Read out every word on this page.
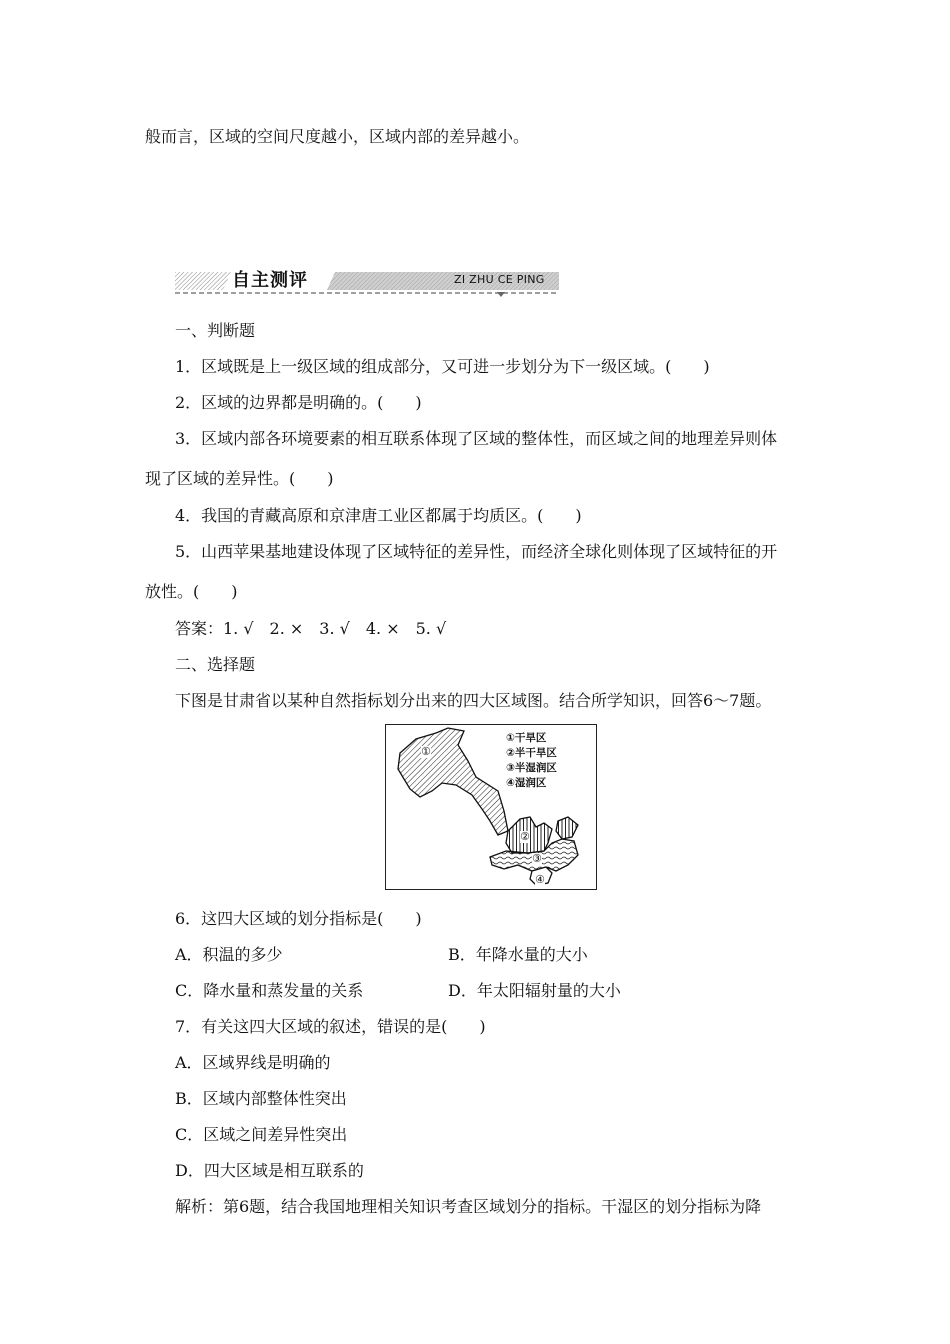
般而言，区域的空间尺度越小，区域内部的差异越小。
自主测评	ZI ZHU CE PING
一、判断题
1．区域既是上一级区域的组成部分，又可进一步划分为下一级区域。(　　)
2．区域的边界都是明确的。(　　)
3．区域内部各环境要素的相互联系体现了区域的整体性，而区域之间的地理差异则体
现了区域的差异性。(　　)
4．我国的青藏高原和京津唐工业区都属于均质区。(　　)
5．山西苹果基地建设体现了区域特征的差异性，而经济全球化则体现了区域特征的开
放性。(　　)
答案：1. √　2. ×　3. √　4. ×　5. √
二、选择题
下图是甘肃省以某种自然指标划分出来的四大区域图。结合所学知识，回答6～7题。
①干旱区
②半干旱区
③半湿润区
④湿润区
①
②
③
④
6．这四大区域的划分指标是(　　)
A．积温的多少	B．年降水量的大小
C．降水量和蒸发量的关系	D．年太阳辐射量的大小
7．有关这四大区域的叙述，错误的是(　　)
A．区域界线是明确的
B．区域内部整体性突出
C．区域之间差异性突出
D．四大区域是相互联系的
解析：第6题，结合我国地理相关知识考查区域划分的指标。干湿区的划分指标为降
